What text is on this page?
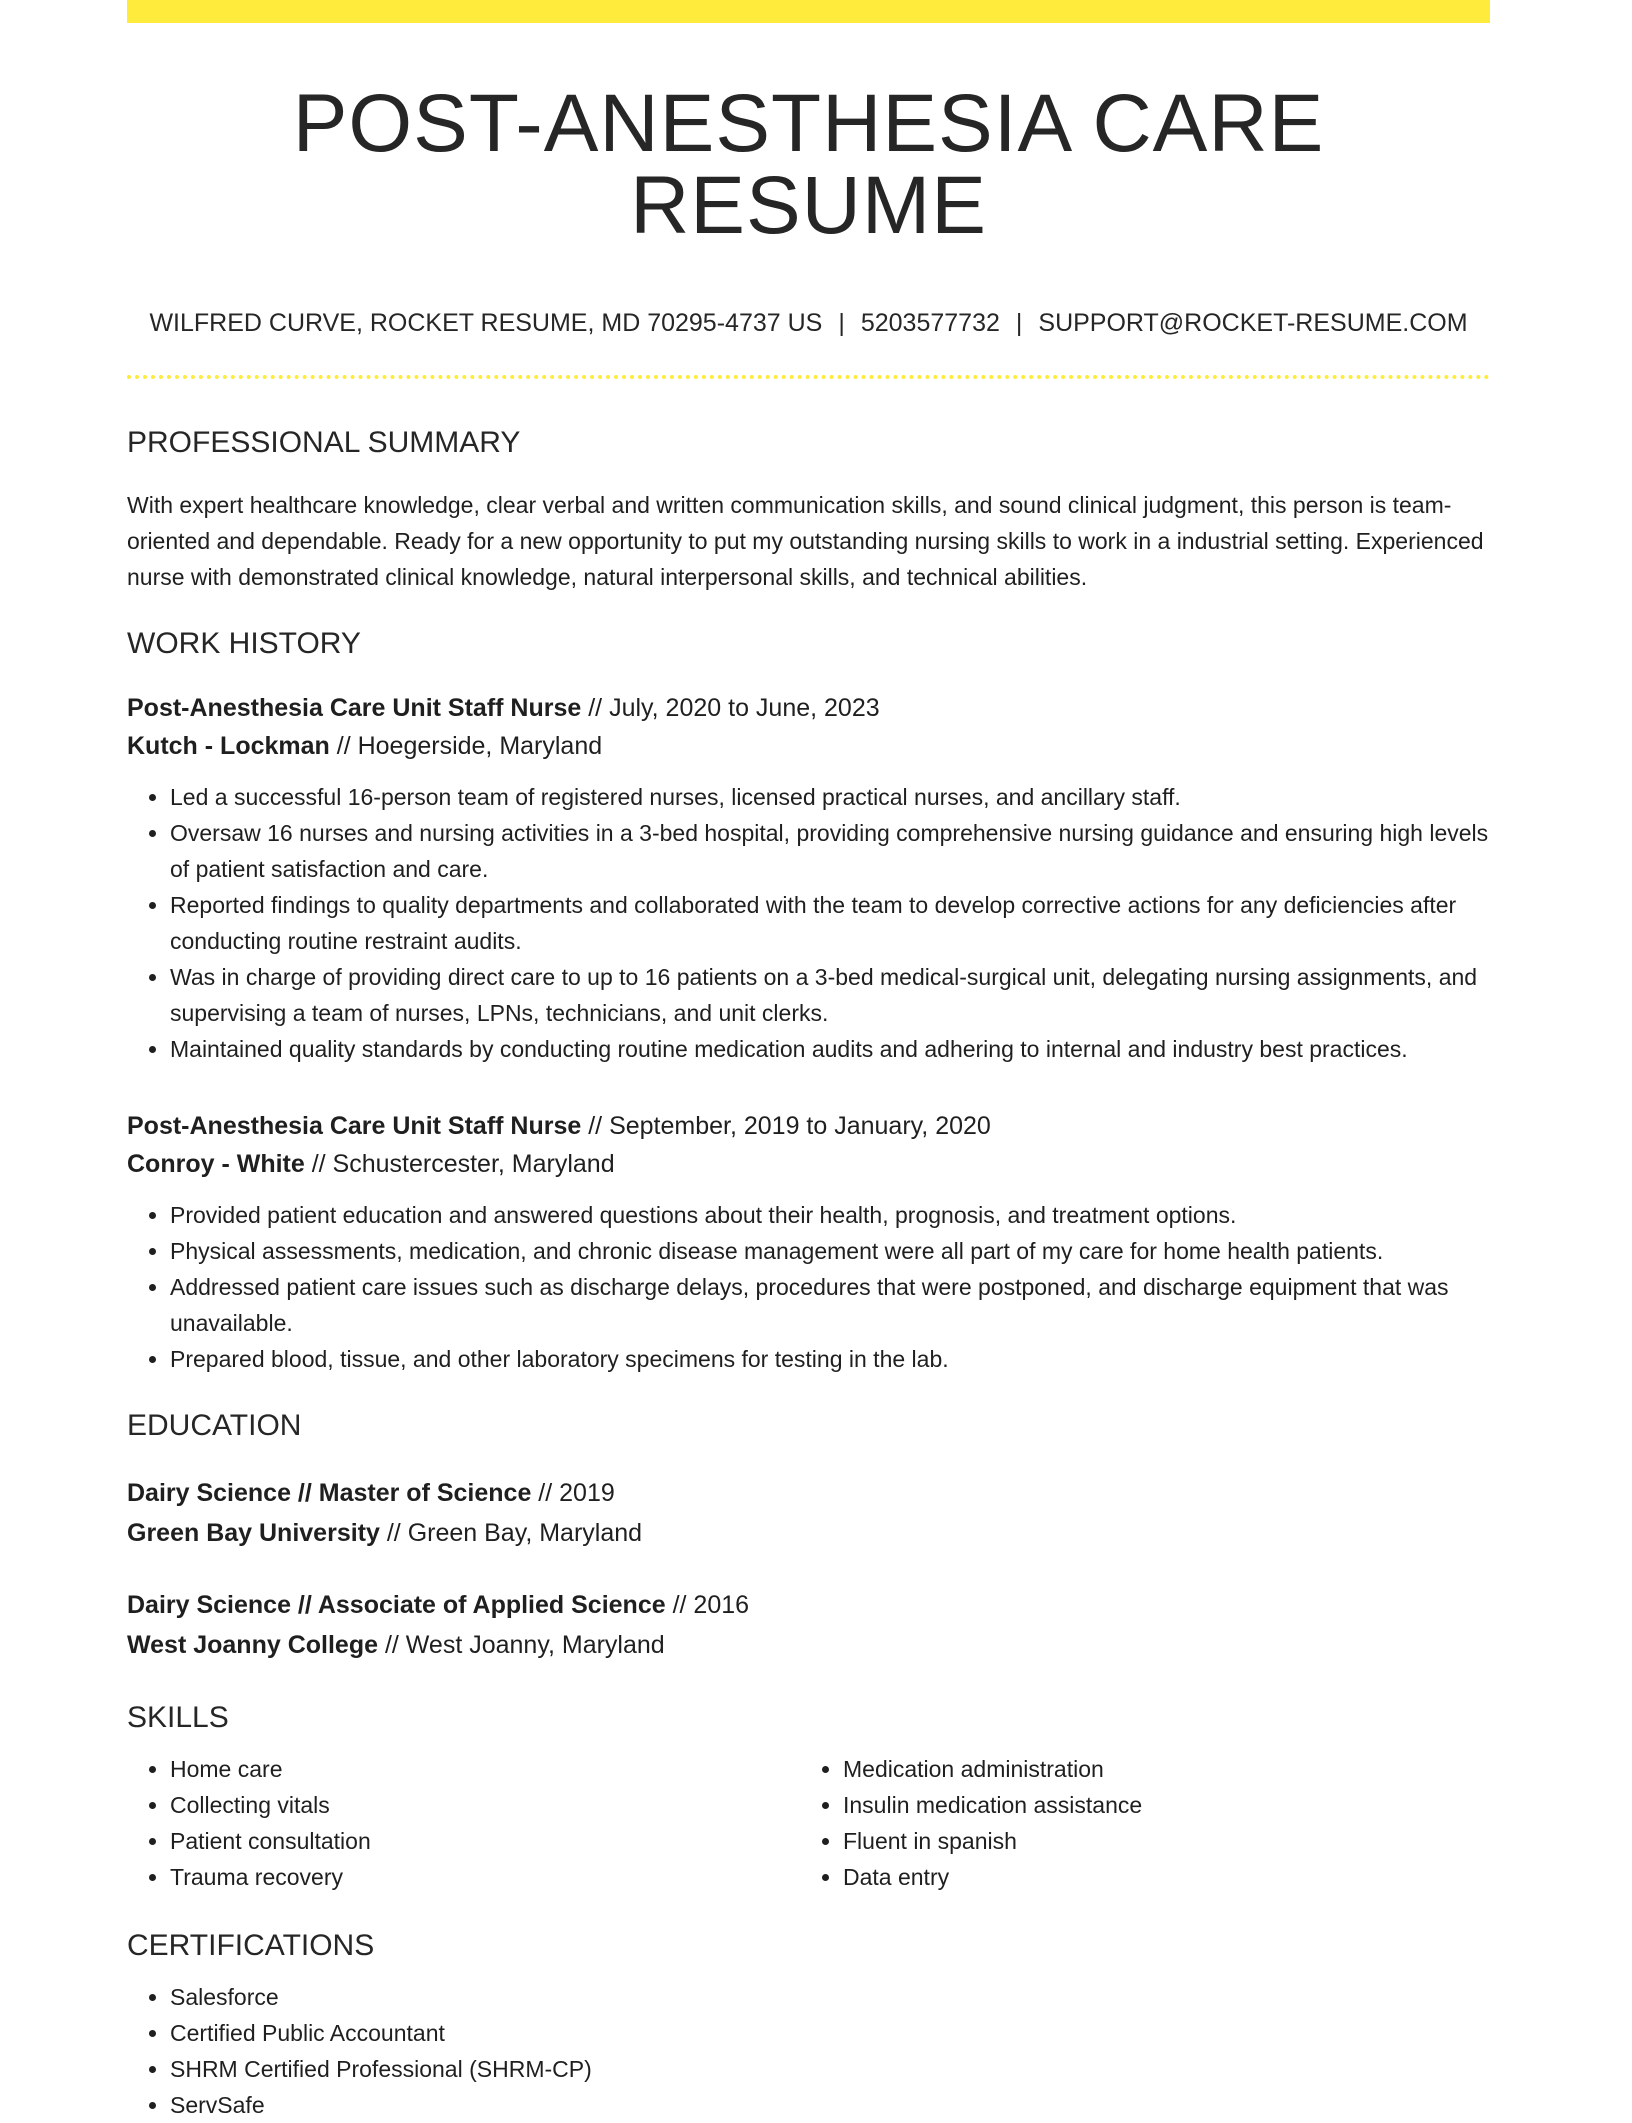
POST-ANESTHESIA CARE RESUME
WILFRED CURVE, ROCKET RESUME, MD 70295-4737 US | 5203577732 | SUPPORT@ROCKET-RESUME.COM
PROFESSIONAL SUMMARY

With expert healthcare knowledge, clear verbal and written communication skills, and sound clinical judgment, this person is team-oriented and dependable. Ready for a new opportunity to put my outstanding nursing skills to work in a industrial setting. Experienced nurse with demonstrated clinical knowledge, natural interpersonal skills, and technical abilities.

WORK HISTORY
Post-Anesthesia Care Unit Staff Nurse // July, 2020 to June, 2023
Kutch - Lockman // Hoegerside, Maryland
• Led a successful 16-person team of registered nurses, licensed practical nurses, and ancillary staff.
• Oversaw 16 nurses and nursing activities in a 3-bed hospital, providing comprehensive nursing guidance and ensuring high levels of patient satisfaction and care.
• Reported findings to quality departments and collaborated with the team to develop corrective actions for any deficiencies after conducting routine restraint audits.
• Was in charge of providing direct care to up to 16 patients on a 3-bed medical-surgical unit, delegating nursing assignments, and supervising a team of nurses, LPNs, technicians, and unit clerks.
• Maintained quality standards by conducting routine medication audits and adhering to internal and industry best practices.
Post-Anesthesia Care Unit Staff Nurse // September, 2019 to January, 2020
Conroy - White // Schustercester, Maryland
• Provided patient education and answered questions about their health, prognosis, and treatment options.
• Physical assessments, medication, and chronic disease management were all part of my care for home health patients.
• Addressed patient care issues such as discharge delays, procedures that were postponed, and discharge equipment that was unavailable.
• Prepared blood, tissue, and other laboratory specimens for testing in the lab.
EDUCATION
Dairy Science // Master of Science // 2019
Green Bay University // Green Bay, Maryland
Dairy Science // Associate of Applied Science // 2016
West Joanny College // West Joanny, Maryland
SKILLS
• Home care
• Collecting vitals
• Patient consultation
• Trauma recovery
• Medication administration
• Insulin medication assistance
• Fluent in spanish
• Data entry
CERTIFICATIONS
• Salesforce
• Certified Public Accountant
• SHRM Certified Professional (SHRM-CP)
• ServSafe
